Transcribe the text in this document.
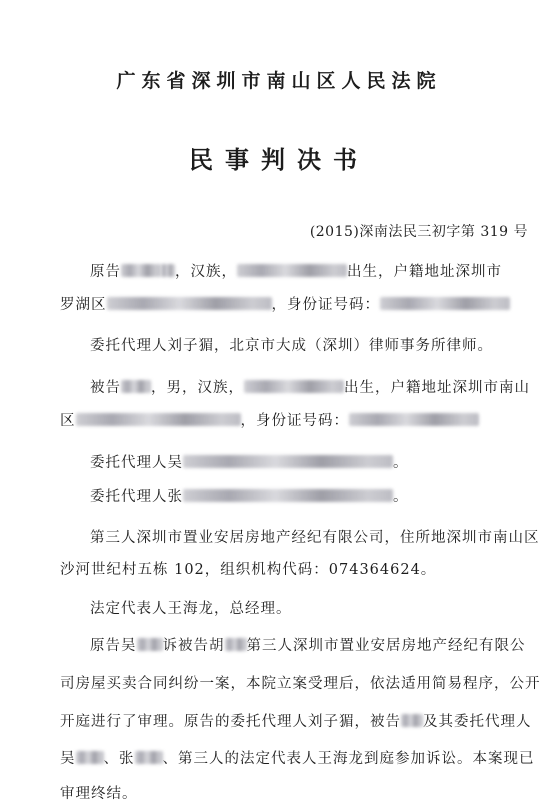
广东省深圳市南山区人民法院
民事判决书
(2015)深南法民三初字第 319 号
原告	，汉族，	出生，户籍地址深圳市
罗湖区	，身份证号码：
委托代理人刘子猸，北京市大成（深圳）律师事务所律师。
被告 ，男，汉族，	出生，户籍地址深圳市南山
区	，身份证号码：
委托代理人吴	。
委托代理人张	。
第三人深圳市置业安居房地产经纪有限公司，住所地深圳市南山区
沙河世纪村五栋 102，组织机构代码：074364624。
法定代表人王海龙，总经理。
原告吴 诉被告胡 第三人深圳市置业安居房地产经纪有限公
司房屋买卖合同纠纷一案，本院立案受理后，依法适用简易程序，公开
开庭进行了审理。原告的委托代理人刘子猸，被告 及其委托代理人
吴 、张 、第三人的法定代表人王海龙到庭参加诉讼。本案现已
审理终结。
